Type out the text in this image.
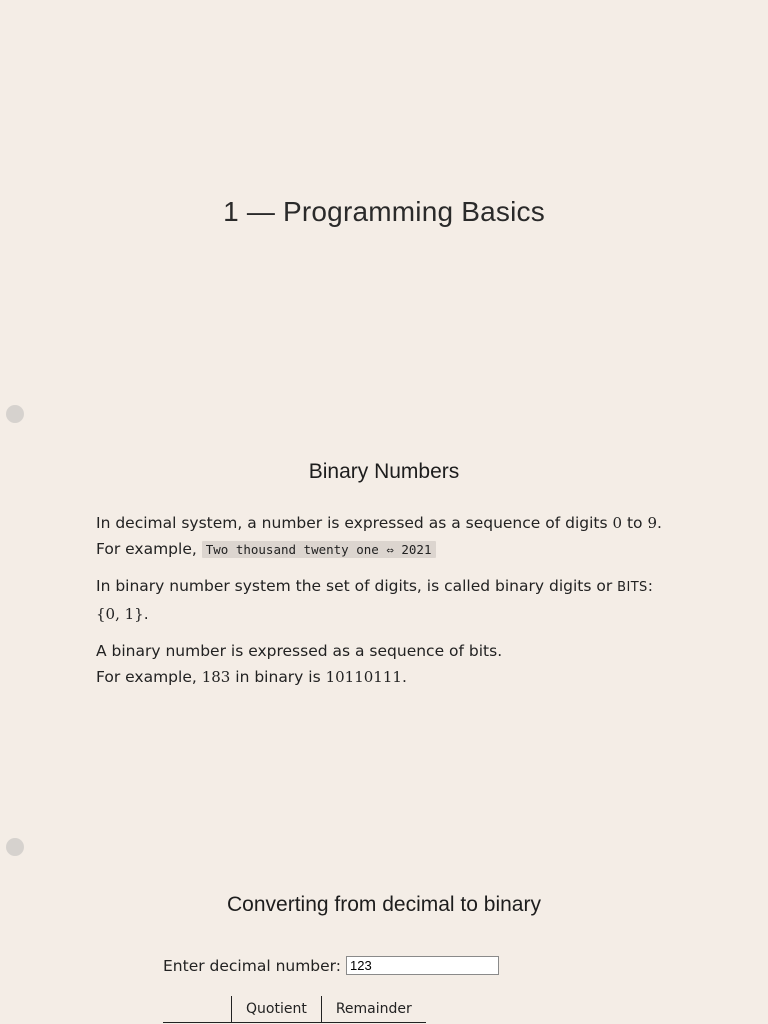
1 — Programming Basics
Binary Numbers

In decimal system, a number is expressed as a sequence of digits 0 to 9. For example, Two thousand twenty one ⇔ 2021

In binary number system the set of digits, is called binary digits or BITS: {0, 1}.

A binary number is expressed as a sequence of bits.
For example, 183 in binary is 10110111.

Converting from decimal to binary
Enter decimal number:
123
	Quotient	Remainder
